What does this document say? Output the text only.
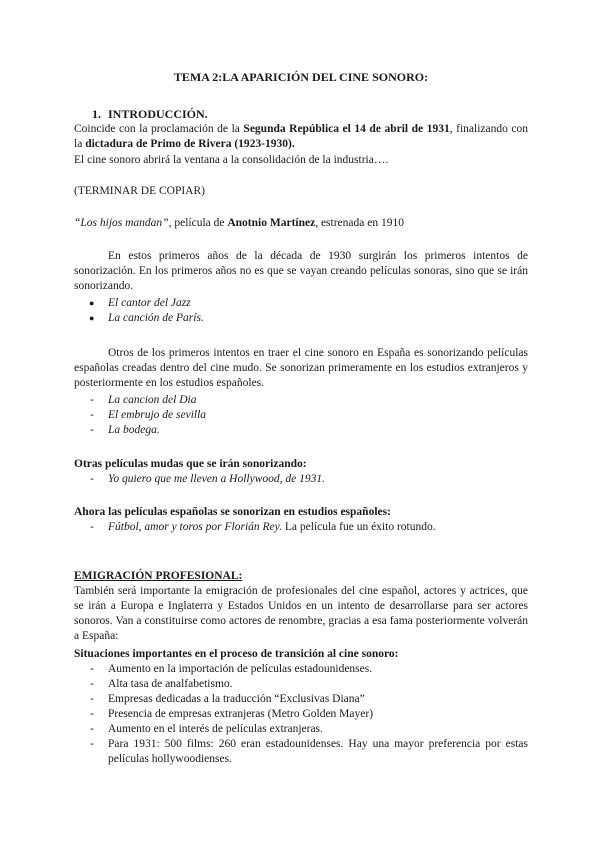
TEMA 2:LA APARICIÓN DEL CINE SONORO:
1. INTRODUCCIÓN.
Coincide con la proclamación de la Segunda República el 14 de abril de 1931, finalizando con la dictadura de Primo de Rivera (1923-1930).
El cine sonoro abrirá la ventana a la consolidación de la industria….
(TERMINAR DE COPIAR)
“Los hijos mandan”, película de Anotnio Martínez, estrenada en 1910
En estos primeros años de la década de 1930 surgirán los primeros intentos de sonorización. En los primeros años no es que se vayan creando películas sonoras, sino que se irán sonorizando.
● El cantor del Jazz
● La canción de París.
Otros de los primeros intentos en traer el cine sonoro en España es sonorizando películas españolas creadas dentro del cine mudo. Se sonorizan primeramente en los estudios extranjeros y posteriormente en los estudios españoles.
- La cancion del Dia
- El embrujo de sevilla
- La bodega.
Otras películas mudas que se irán sonorizando:
- Yo quiero que me lleven a Hollywood, de 1931.
Ahora las películas españolas se sonorizan en estudios españoles:
- Fútbol, amor y toros por Florián Rey. La película fue un éxito rotundo.
EMIGRACIÓN PROFESIONAL:
También será importante la emigración de profesionales del cine español, actores y actrices, que se irán a Europa e Inglaterra y Estados Unidos en un intento de desarrollarse para ser actores sonoros. Van a constituirse como actores de renombre, gracias a esa fama posteriormente volverán a España:
Situaciones importantes en el proceso de transición al cine sonoro:
- Aumento en la importación de películas estadounidenses.
- Alta tasa de analfabetismo.
- Empresas dedicadas a la traducción “Exclusivas Diana”
- Presencia de empresas extranjeras (Metro Golden Mayer)
- Aumento en el interés de películas extranjeras.
- Para 1931: 500 films: 260 eran estadounidenses. Hay una mayor preferencia por estas películas hollywoodienses.
